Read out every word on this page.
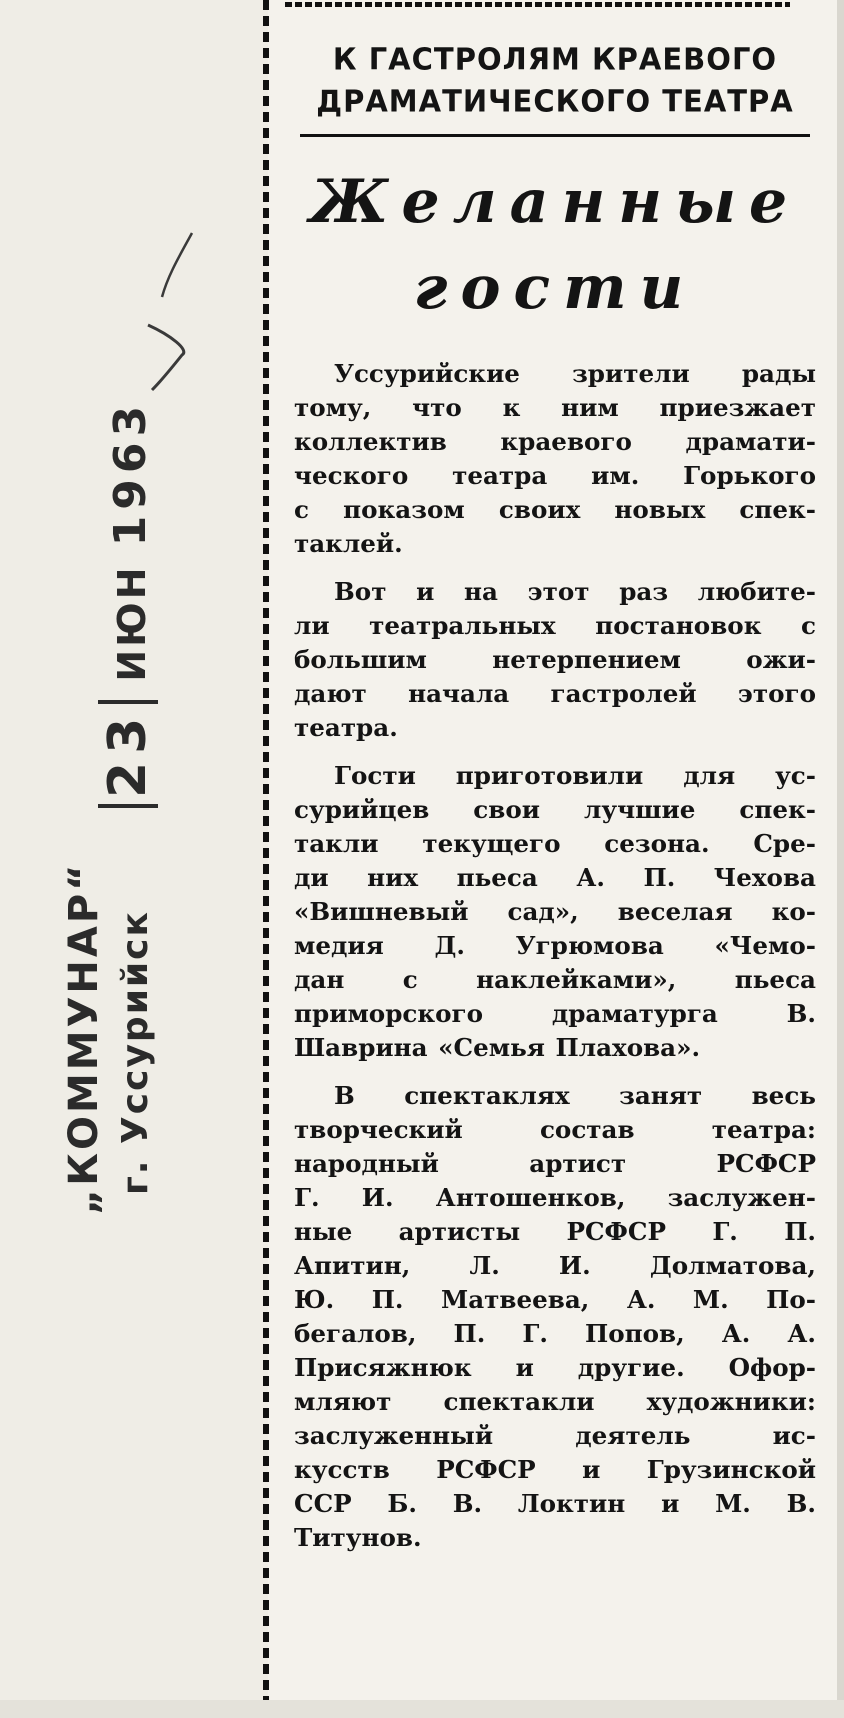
„КОММУНАР“
23ИЮН1963
г. Уссурийск
К ГАСТРОЛЯМ КРАЕВОГО
ДРАМАТИЧЕСКОГО ТЕАТРА
Желанные
гости

Уссурийские зрители рады
тому, что к ним приезжает
коллектив краевого драмати-
ческого театра им. Горького
с показом своих новых спек-
таклей.

Вот и на этот раз любите-
ли театральных постановок с
большим нетерпением ожи-
дают начала гастролей этого
театра.

Гости приготовили для ус-
сурийцев свои лучшие спек-
такли текущего сезона. Сре-
ди них пьеса А. П. Чехова
«Вишневый сад», веселая ко-
медия Д. Угрюмова «Чемо-
дан с наклейками», пьеса
приморского драматурга В.
Шаврина «Семья Плахова».

В спектаклях занят весь
творческий состав театра:
народный артист РСФСР
Г. И. Антошенков, заслужен-
ные артисты РСФСР Г. П.
Апитин, Л. И. Долматова,
Ю. П. Матвеева, А. М. По-
бегалов, П. Г. Попов, А. А.
Присяжнюк и другие. Офор-
мляют спектакли художники:
заслуженный деятель ис-
кусств РСФСР и Грузинской
ССР Б. В. Локтин и М. В.
Титунов.
